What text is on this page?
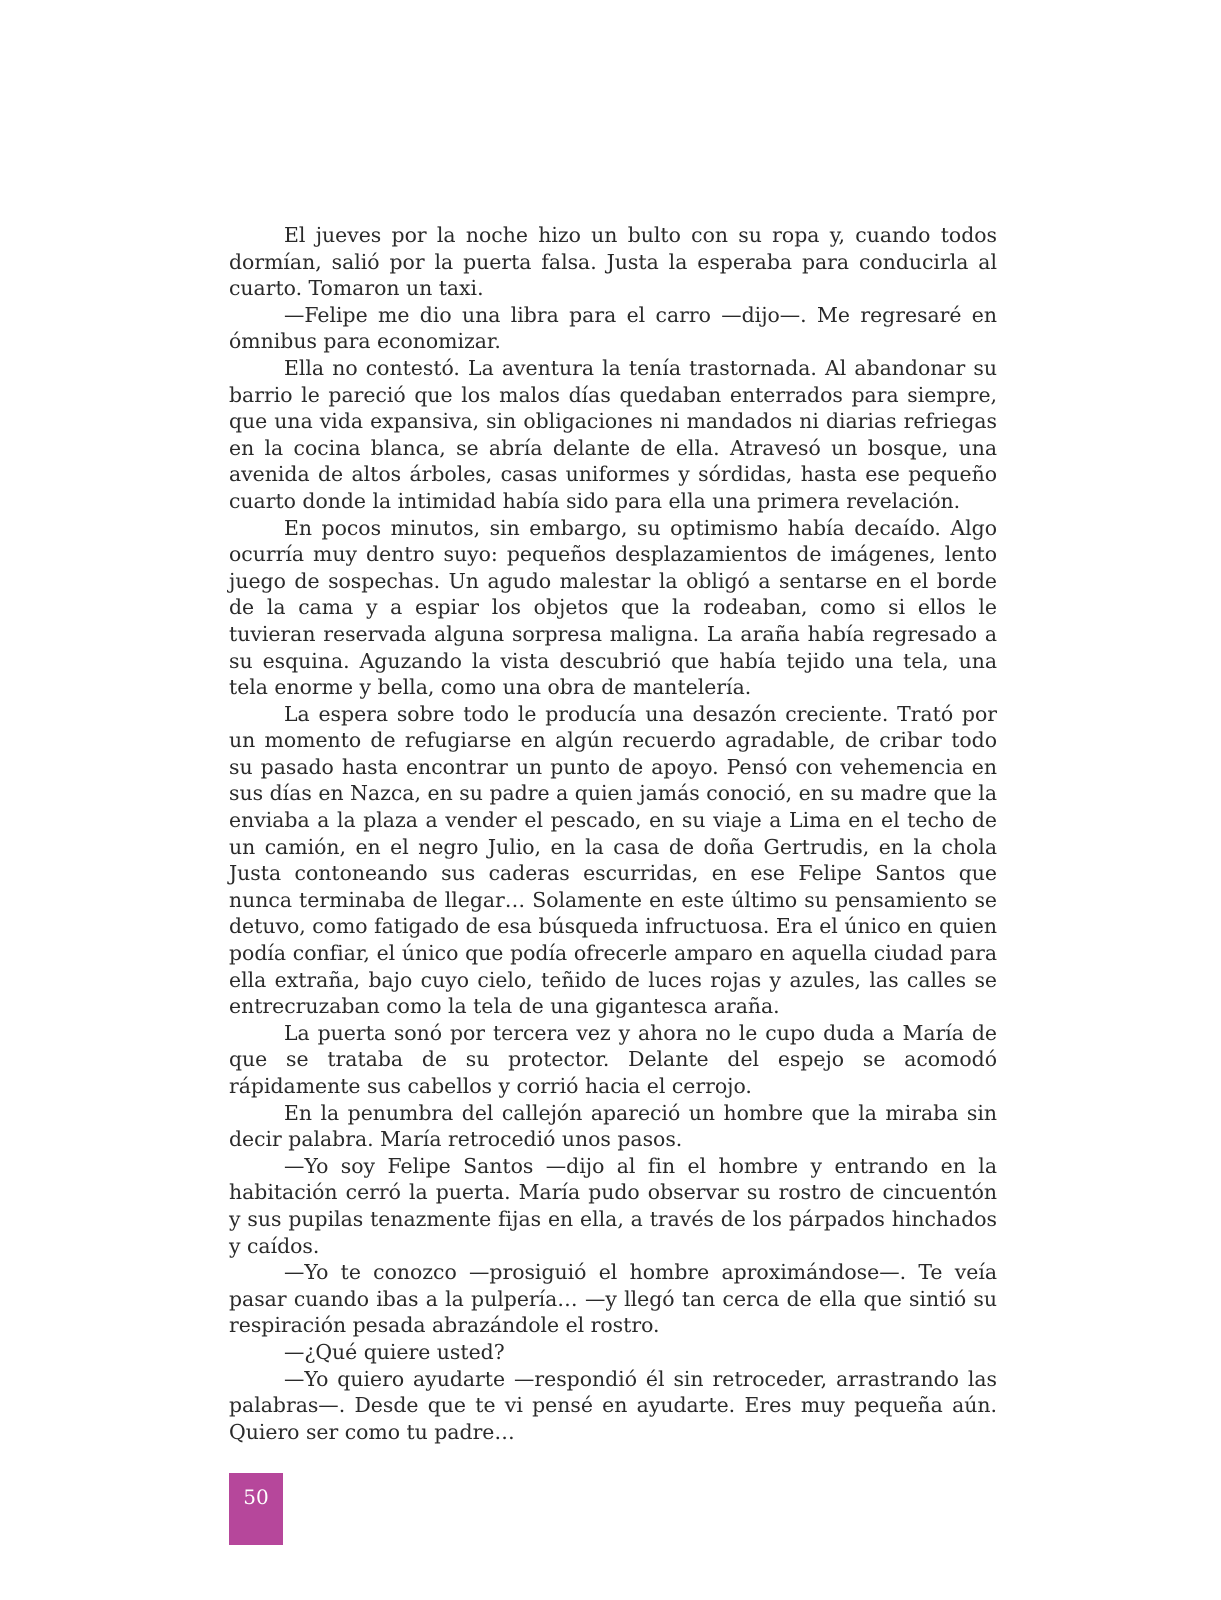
El jueves por la noche hizo un bulto con su ropa y, cuando todos dormían, salió por la puerta falsa. Justa la esperaba para conducirla al cuarto. Tomaron un taxi.

—Felipe me dio una libra para el carro —dijo—. Me regresaré en ómnibus para economizar.

Ella no contestó. La aventura la tenía trastornada. Al abandonar su barrio le pareció que los malos días quedaban enterrados para siempre, que una vida expansiva, sin obligaciones ni mandados ni diarias refriegas en la cocina blanca, se abría delante de ella. Atravesó un bosque, una avenida de altos árboles, casas uniformes y sórdidas, hasta ese pequeño cuarto donde la intimidad había sido para ella una primera revelación.

En pocos minutos, sin embargo, su optimismo había decaído. Algo ocurría muy dentro suyo: pequeños desplazamientos de imágenes, lento juego de sospechas. Un agudo malestar la obligó a sentarse en el borde de la cama y a espiar los objetos que la rodeaban, como si ellos le tuvieran reservada alguna sorpresa maligna. La araña había regresado a su esquina. Aguzando la vista descubrió que había tejido una tela, una tela enorme y bella, como una obra de mantelería.

La espera sobre todo le producía una desazón creciente. Trató por un momento de refugiarse en algún recuerdo agradable, de cribar todo su pasado hasta encontrar un punto de apoyo. Pensó con vehemencia en sus días en Nazca, en su padre a quien jamás conoció, en su madre que la enviaba a la plaza a vender el pescado, en su viaje a Lima en el techo de un camión, en el negro Julio, en la casa de doña Gertrudis, en la chola Justa contoneando sus caderas escurridas, en ese Felipe Santos que nunca terminaba de llegar… Solamente en este último su pensamiento se detuvo, como fatigado de esa búsqueda infructuosa. Era el único en quien podía confiar, el único que podía ofrecerle amparo en aquella ciudad para ella extraña, bajo cuyo cielo, teñido de luces rojas y azules, las calles se entrecruzaban como la tela de una gigantesca araña.

La puerta sonó por tercera vez y ahora no le cupo duda a María de que se trataba de su protector. Delante del espejo se acomodó rápidamente sus cabellos y corrió hacia el cerrojo.

En la penumbra del callejón apareció un hombre que la miraba sin decir palabra. María retrocedió unos pasos.

—Yo soy Felipe Santos —dijo al fin el hombre y entrando en la habitación cerró la puerta. María pudo observar su rostro de cincuentón y sus pupilas tenazmente fijas en ella, a través de los párpados hinchados y caídos.

—Yo te conozco —prosiguió el hombre aproximándose—. Te veía pasar cuando ibas a la pulpería… —y llegó tan cerca de ella que sintió su respiración pesada abrazándole el rostro.

—¿Qué quiere usted?

—Yo quiero ayudarte —respondió él sin retroceder, arrastrando las palabras—. Desde que te vi pensé en ayudarte. Eres muy pequeña aún. Quiero ser como tu padre…

50
